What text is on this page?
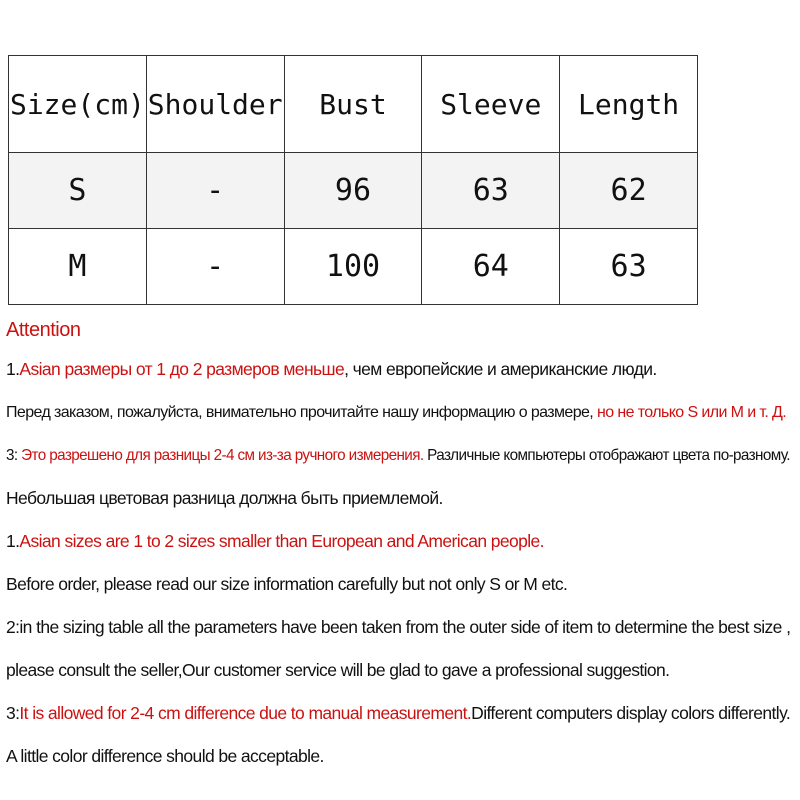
Size(cm)	Shoulder	Bust	Sleeve	Length
S	-	96	63	62
M	-	100	64	63
Attention
1.Asian размеры от 1 до 2 размеров меньше, чем европейские и американские люди.
Перед заказом, пожалуйста, внимательно прочитайте нашу информацию о размере, но не только S или M и т. Д.
3: Это разрешено для разницы 2-4 см из-за ручного измерения. Различные компьютеры отображают цвета по-разному.
Небольшая цветовая разница должна быть приемлемой.
1.Asian sizes are 1 to 2 sizes smaller than European and American people.
Before order, please read our size information carefully but not only S or M etc.
2:in the sizing table all the parameters have been taken from the outer side of item to determine the best size ,
please consult the seller,Our customer service will be glad to gave a professional suggestion.
3:It is allowed for 2-4 cm difference due to manual measurement.Different computers display colors differently.
A little color difference should be acceptable.
